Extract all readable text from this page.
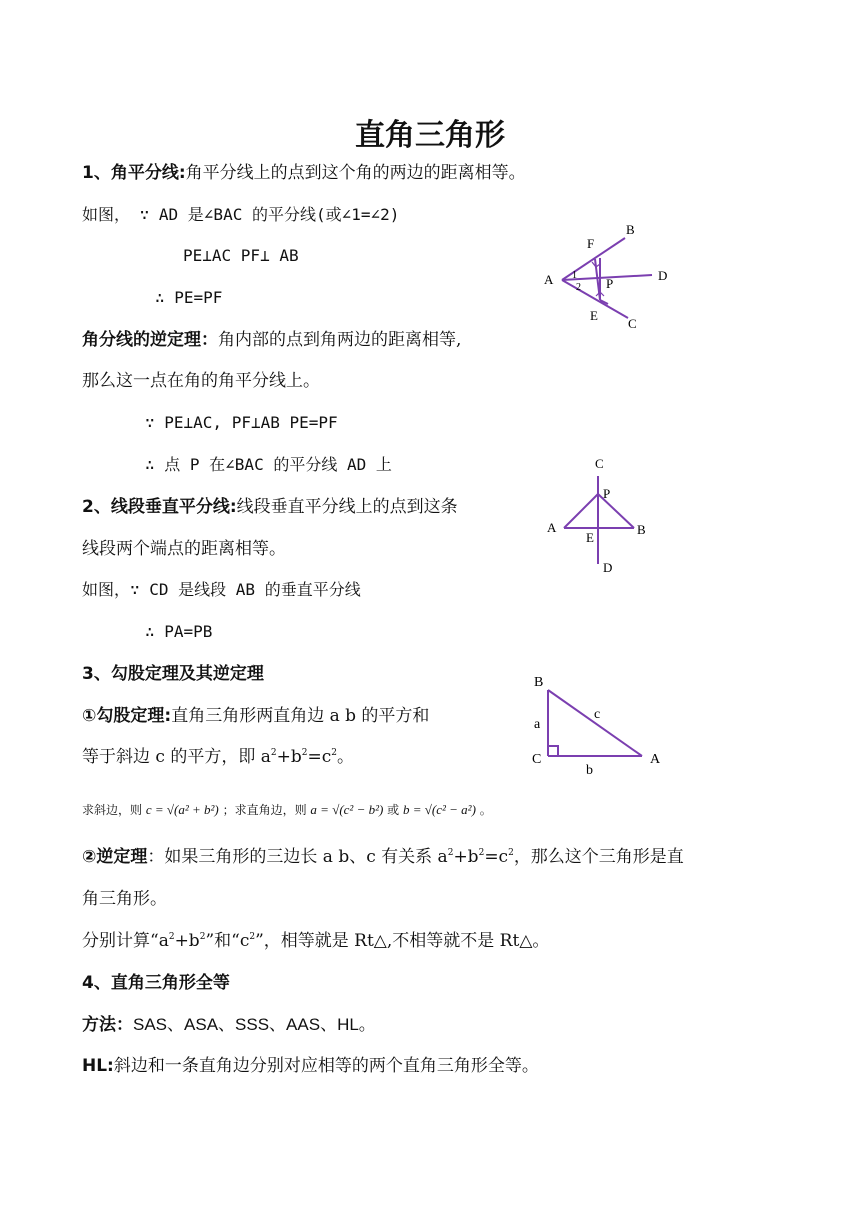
直角三角形
1、角平分线:角平分线上的点到这个角的两边的距离相等。
如图， ∵ AD 是∠BAC 的平分线(或∠1=∠2)
PE⊥AC PF⊥ AB
∴ PE=PF
角分线的逆定理：角内部的点到角两边的距离相等,
那么这一点在角的角平分线上。
∵ PE⊥AC, PF⊥AB PE=PF
∴ 点 P 在∠BAC 的平分线 AD 上
A
B
C
D
E
F
P
1
2
2、线段垂直平分线:线段垂直平分线上的点到这条
线段两个端点的距离相等。
如图，∵ CD 是线段 AB 的垂直平分线
∴ PA=PB
C
P
A	B
E
D
3、勾股定理及其逆定理
①勾股定理:直角三角形两直角边 a b 的平方和
等于斜边 c 的平方，即 $a^2+b^2=c^2$。
B
a
c
C
b
A
求斜边，则 c = √(a² + b²) ；求直角边，则 a = √(c² − b²) 或 b = √(c² − a²) 。
②逆定理：如果三角形的三边长 a b、c 有关系 $a^2+b^2=c^2$，那么这个三角形是直
角三角形。
分别计算“$a^2+b^2$”和“$c^2$”，相等就是 Rt△,不相等就不是 Rt△。
4、直角三角形全等
方法：SAS、ASA、SSS、AAS、HL。
HL:斜边和一条直角边分别对应相等的两个直角三角形全等。
